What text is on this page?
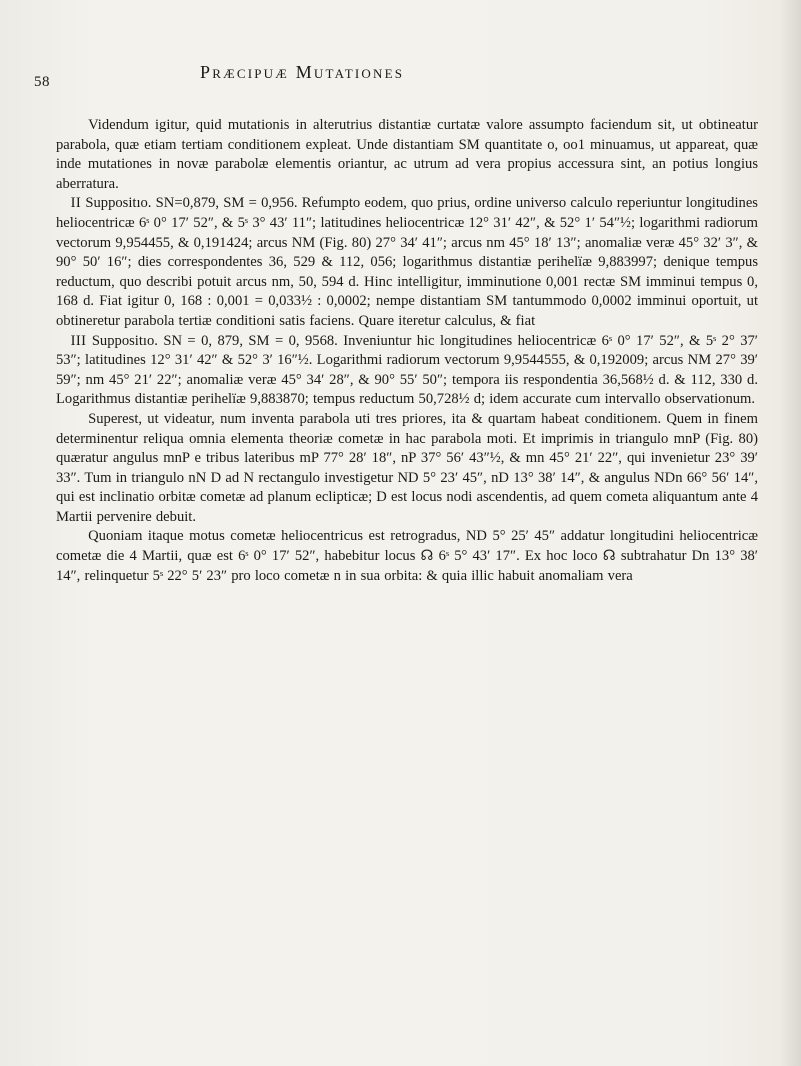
58	Præcipuæ Mutationes

Videndum igitur, quid mutationis in alterutrius distantiæ curtatæ valore assumpto faciendum sit, ut obtineatur parabola, quæ etiam tertiam conditionem expleat. Unde distantiam SM quantitate o, oo1 minuamus, ut appareat, quæ inde mutationes in novæ parabolæ elementis oriantur, ac utrum ad vera propius accessura sint, an potius longius aberratura.

 II Suppositıo. SN=0,879, SM = 0,956. Refumpto eodem, quo prius, ordine universo calculo reperiuntur longitudines heliocentricæ 6ˢ 0° 17′ 52″, & 5ˢ 3° 43′ 11″; latitudines heliocentricæ 12° 31′ 42″, & 52° 1′ 54″½; logarithmi radiorum vectorum 9,954455, & 0,191424; arcus NM (Fig. 80) 27° 34′ 41″; arcus nm 45° 18′ 13″; anomaliæ veræ 45° 32′ 3″, & 90° 50′ 16″; dies correspondentes 36, 529 & 112, 056; logarithmus distantiæ perihelïæ 9,883997; denique tempus reductum, quo describi potuit arcus nm, 50, 594 d. Hinc intelligitur, imminutione 0,001 rectæ SM imminui tempus 0, 168 d. Fiat igitur 0, 168 : 0,001 = 0,033½ : 0,0002; nempe distantiam SM tantummodo 0,0002 imminui oportuit, ut obtineretur parabola tertiæ conditioni satis faciens. Quare iteretur calculus, & fiat

 III Suppositıo. SN = 0, 879, SM = 0, 9568. Inveniuntur hic longitudines heliocentricæ 6ˢ 0° 17′ 52″, & 5ˢ 2° 37′ 53″; latitudines 12° 31′ 42″ & 52° 3′ 16″½. Logarithmi radiorum vectorum 9,9544555, & 0,192009; arcus NM 27° 39′ 59″; nm 45° 21′ 22″; anomaliæ veræ 45° 34′ 28″, & 90° 55′ 50″; tempora iis respondentia 36,568½ d. & 112, 330 d. Logarithmus distantiæ perihelïæ 9,883870; tempus reductum 50,728½ d; idem accurate cum intervallo observationum.

Superest, ut videatur, num inventa parabola uti tres priores, ita & quartam habeat conditionem. Quem in finem determinentur reliqua omnia elementa theoriæ cometæ in hac parabola moti. Et imprimis in triangulo mnP (Fig. 80) quæratur angulus mnP e tribus lateribus mP 77° 28′ 18″, nP 37° 56′ 43″½, & mn 45° 21′ 22″, qui invenietur 23° 39′ 33″. Tum in triangulo nN D ad N rectangulo investigetur ND 5° 23′ 45″, nD 13° 38′ 14″, & angulus NDn 66° 56′ 14″, qui est inclinatio orbitæ cometæ ad planum eclipticæ; D est locus nodi ascendentis, ad quem cometa aliquantum ante 4 Martii pervenire debuit.

Quoniam itaque motus cometæ heliocentricus est retrogradus, ND 5° 25′ 45″ addatur longitudini heliocentricæ cometæ die 4 Martii, quæ est 6ˢ 0° 17′ 52″, habebitur locus ☊ 6ˢ 5° 43′ 17″. Ex hoc loco ☊ subtrahatur Dn 13° 38′ 14″, relinquetur 5ˢ 22° 5′ 23″ pro loco cometæ n in sua orbita: & quia illic habuit anomaliam vera
